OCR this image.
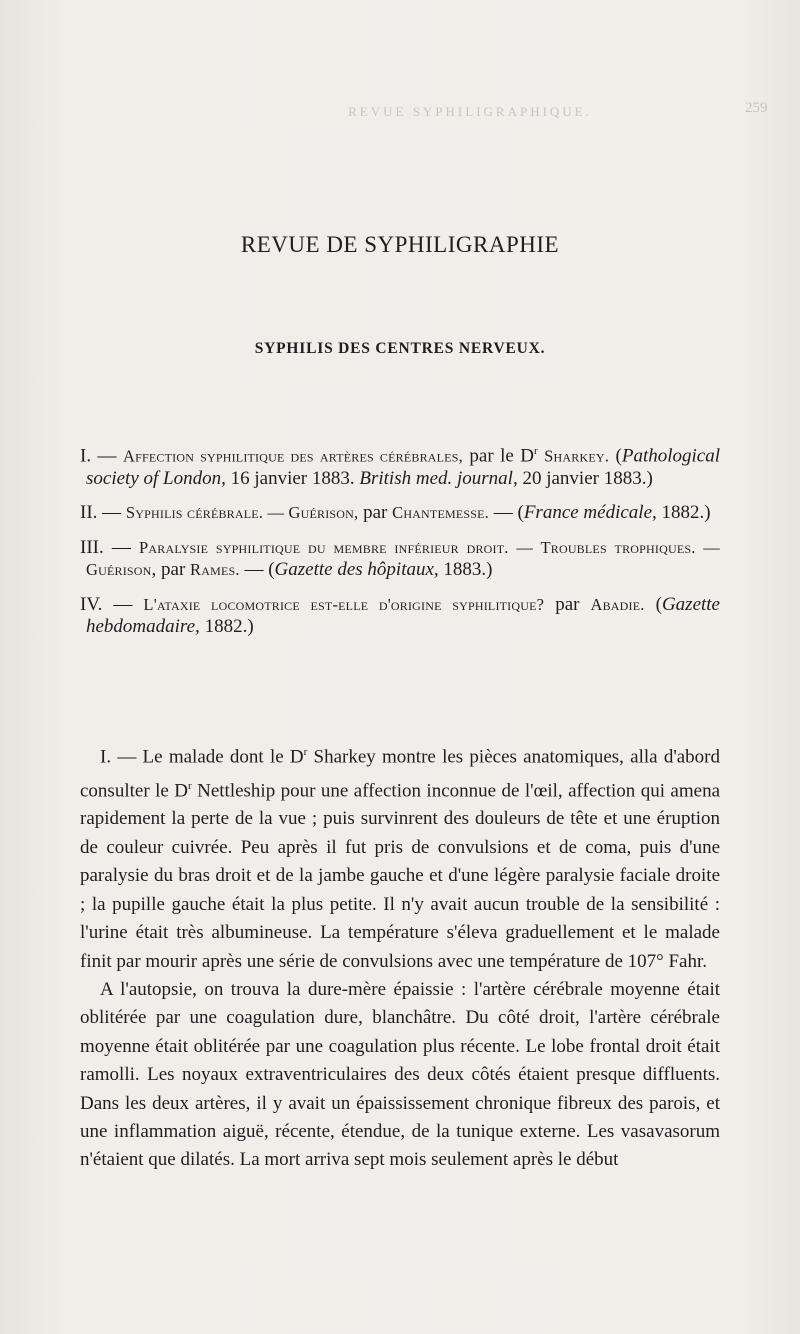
REVUE SYPHILIGRAPHIQUE.	259
REVUE DE SYPHILIGRAPHIE
SYPHILIS DES CENTRES NERVEUX.

I. — Affection syphilitique des artères cérébrales, par le $D^r$ Sharkey. (Pathological society of London, 16 janvier 1883. British med. journal, 20 janvier 1883.)

II. — Syphilis cérébrale. — Guérison, par Chantemesse. — (France médicale, 1882.)

III. — Paralysie syphilitique du membre inférieur droit. — Troubles trophiques. — Guérison, par Rames. — (Gazette des hôpitaux, 1883.)

IV. — L'ataxie locomotrice est-elle d'origine syphilitique? par Abadie. (Gazette hebdomadaire, 1882.)

I. — Le malade dont le $D^r$ Sharkey montre les pièces anatomiques, alla d'abord consulter le $D^r$ Nettleship pour une affection inconnue de l'œil, affection qui amena rapidement la perte de la vue ; puis survinrent des douleurs de tête et une éruption de couleur cuivrée. Peu après il fut pris de convulsions et de coma, puis d'une paralysie du bras droit et de la jambe gauche et d'une légère paralysie faciale droite ; la pupille gauche était la plus petite. Il n'y avait aucun trouble de la sensibilité : l'urine était très albumineuse. La température s'éleva graduellement et le malade finit par mourir après une série de convulsions avec une température de 107° Fahr.

A l'autopsie, on trouva la dure-mère épaissie : l'artère cérébrale moyenne était oblitérée par une coagulation dure, blanchâtre. Du côté droit, l'artère cérébrale moyenne était oblitérée par une coagulation plus récente. Le lobe frontal droit était ramolli. Les noyaux extraventriculaires des deux côtés étaient presque diffluents. Dans les deux artères, il y avait un épaississement chronique fibreux des parois, et une inflammation aiguë, récente, étendue, de la tunique externe. Les vasavasorum n'étaient que dilatés. La mort arriva sept mois seulement après le début
